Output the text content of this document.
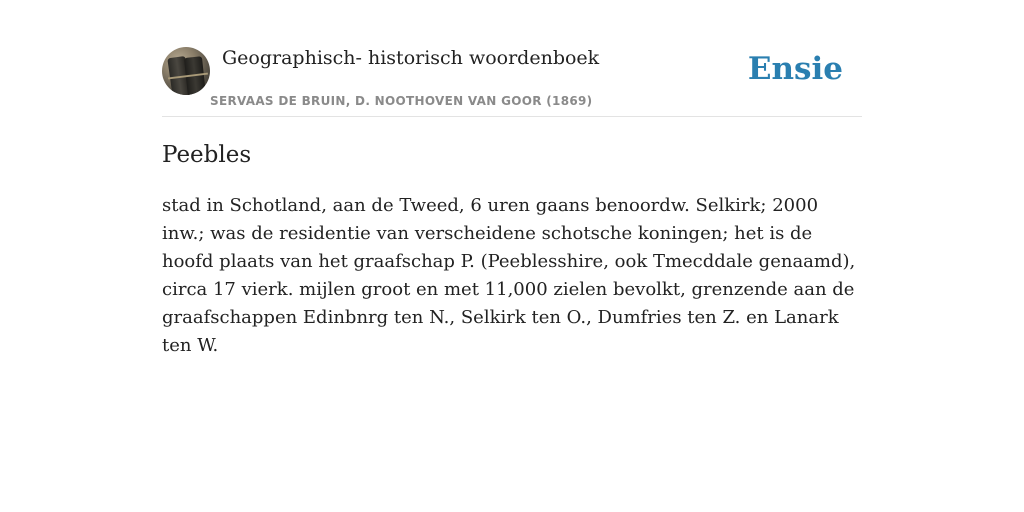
Geographisch- historisch woordenboek
SERVAAS DE BRUIN, D. NOOTHOVEN VAN GOOR (1869)
Ensie
Peebles

stad in Schotland, aan de Tweed, 6 uren gaans benoordw. Selkirk; 2000 inw.; was de residentie van verscheidene schotsche koningen; het is de hoofd plaats van het graafschap P. (Peeblesshire, ook Tmecddale genaamd), circa 17 vierk. mijlen groot en met 11,000 zielen bevolkt, grenzende aan de graafschappen Edinbnrg ten N., Selkirk ten O., Dumfries ten Z. en Lanark ten W.
